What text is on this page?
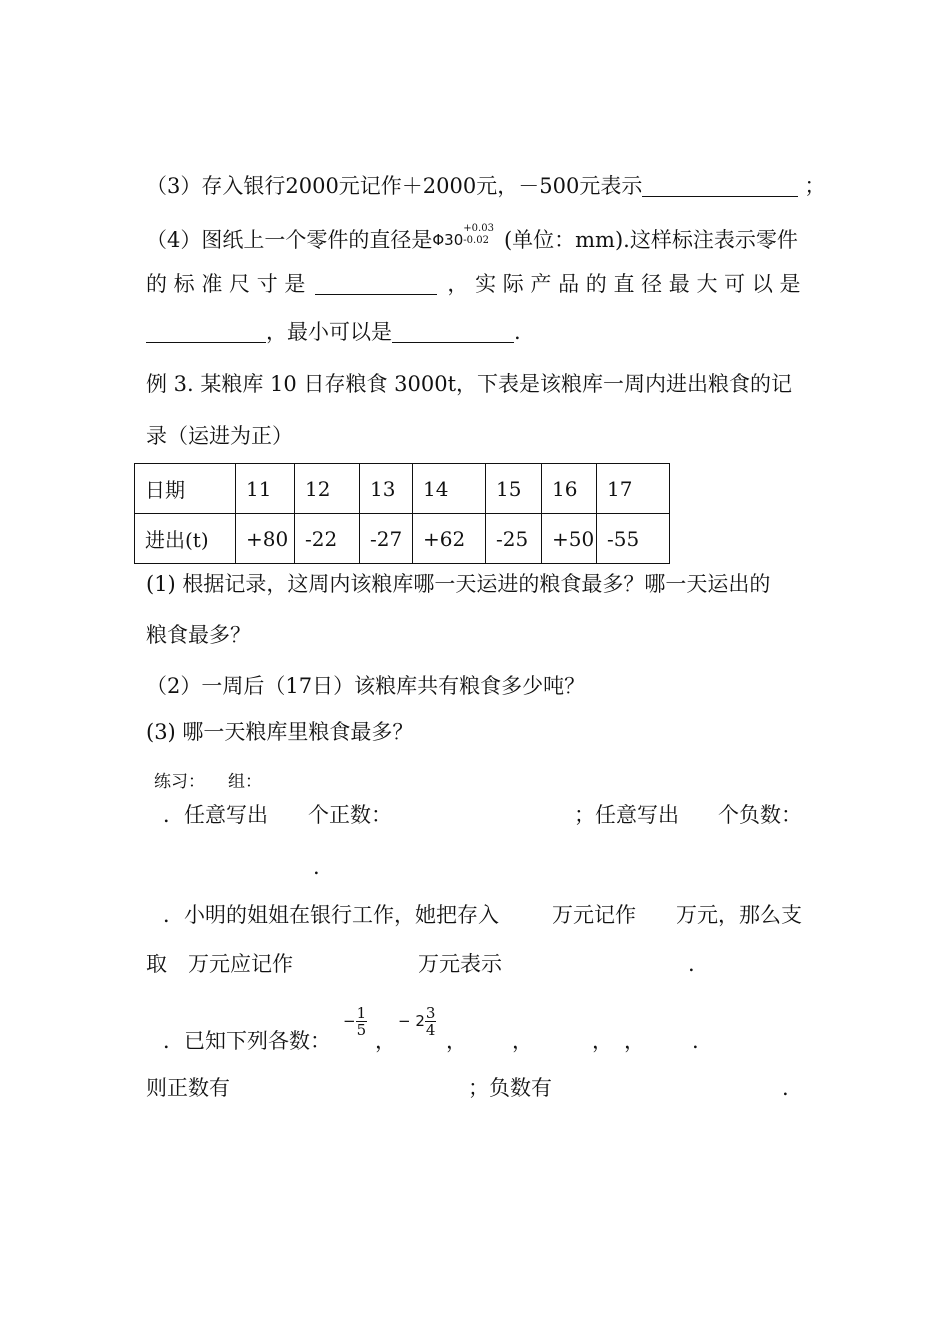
（3）存入银行2000元记作＋2000元，－500元表示	；
（4）图纸上一个零件的直径是$^{\Phi 30}$
+0.03
-0.02 (单位：mm).这样标注表示零件
的 标 准 尺 寸 是	， 实 际 产 品 的 直 径 最 大 可 以 是
，最小可以是	.
例 3. 某粮库 10 日存粮食 3000t，下表是该粮库一周内进出粮食的记
录（运进为正）
日期	11	12	13	14	15	16	17
进出(t)	+80	-22	-27	+62	-25	+50	-55
(1) 根据记录，这周内该粮库哪一天运进的粮食最多？哪一天运出的
粮食最多？
（2）一周后（17日）该粮库共有粮食多少吨？
(3) 哪一天粮库里粮食最多？
练习： 组：
．任意写出 个正数：	；任意写出 个负数：
.
．小明的姐姐在银行工作，她把存入	万元记作 万元，那么支
取 万元应记作	万元表示	.
．已知下列各数：
− $\frac{1}{5}$
，
− $2 \frac{3}{4}$
， ，	， ， .
则正数有	；负数有	.
